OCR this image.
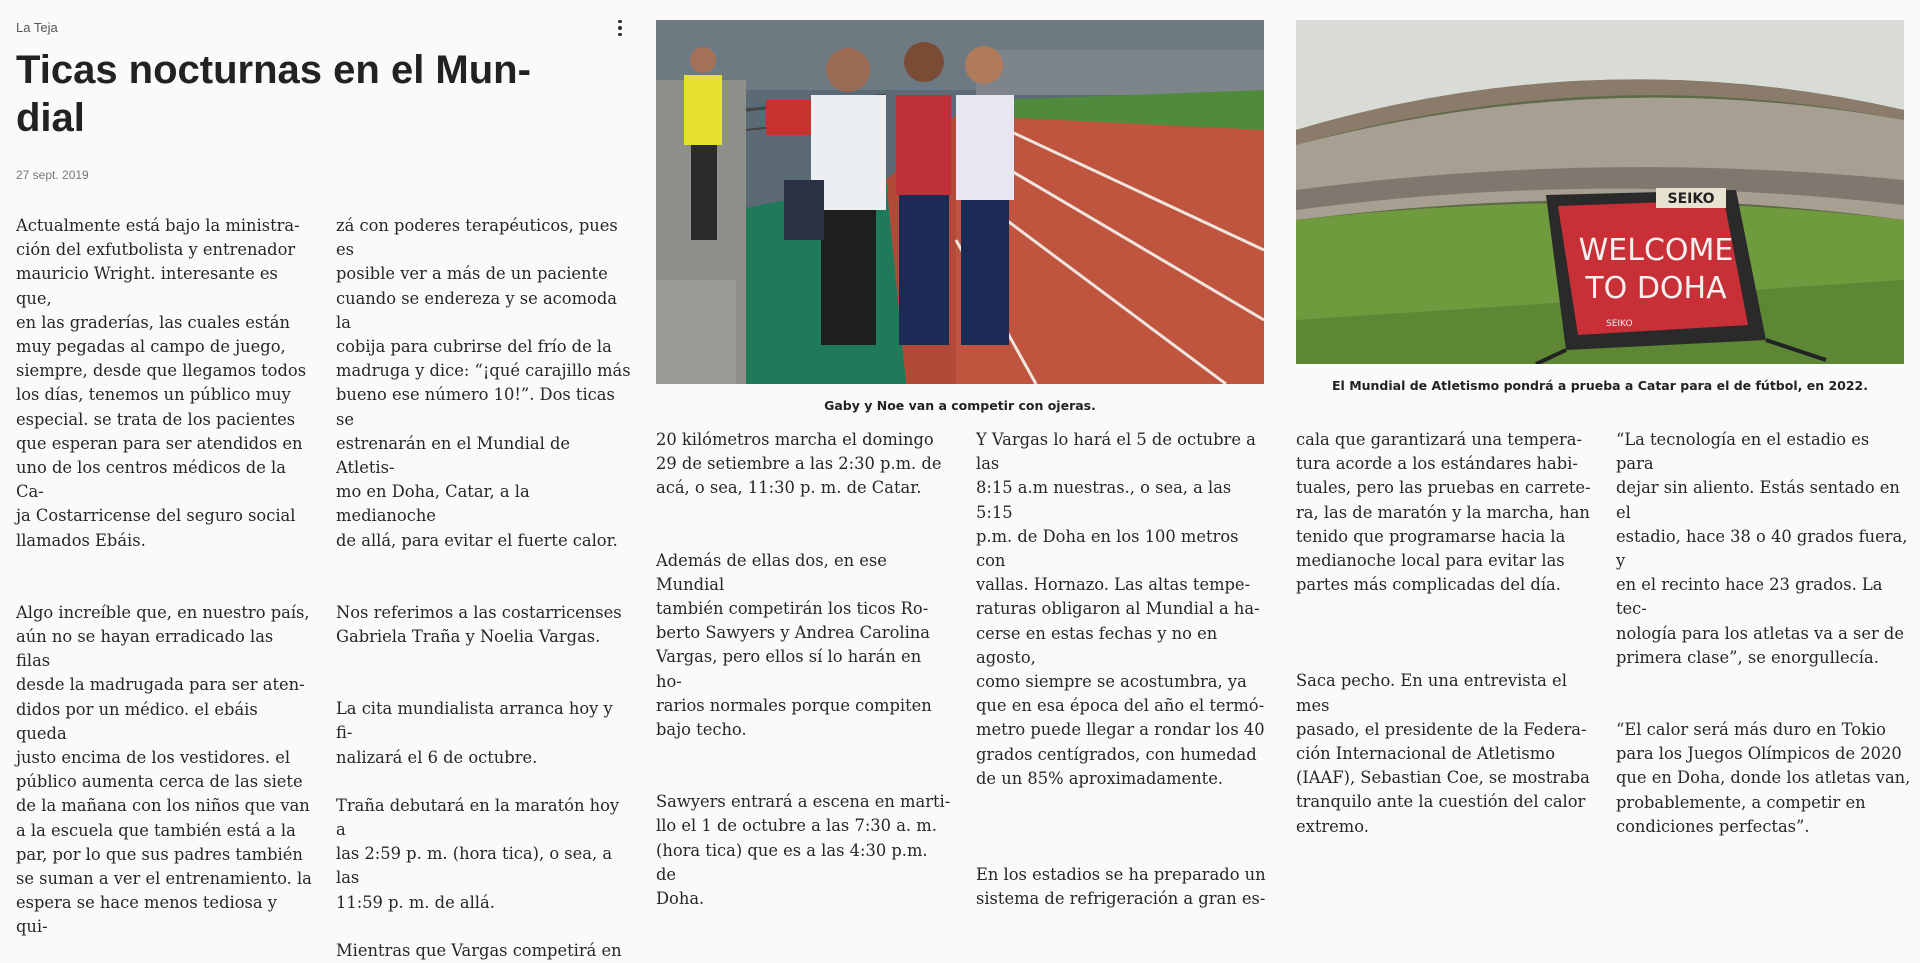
La Teja
Ticas nocturnas en el Mun-
dial
27 sept. 2019

Actualmente está bajo la ministra-
ción del exfutbolista y entrenador
mauricio Wright. interesante es que,
en las graderías, las cuales están
muy pegadas al campo de juego,
siempre, desde que llegamos todos
los días, tenemos un público muy
especial. se trata de los pacientes
que esperan para ser atendidos en
uno de los centros médicos de la Ca-
ja Costarricense del seguro social
llamados Ebáis.

Algo increíble que, en nuestro país,
aún no se hayan erradicado las filas
desde la madrugada para ser aten-
didos por un médico. el ebáis queda
justo encima de los vestidores. el
público aumenta cerca de las siete
de la mañana con los niños que van
a la escuela que también está a la
par, por lo que sus padres también
se suman a ver el entrenamiento. la
espera se hace menos tediosa y qui-

zá con poderes terapéuticos, pues es
posible ver a más de un paciente
cuando se endereza y se acomoda la
cobija para cubrirse del frío de la
madruga y dice: “¡qué carajillo más
bueno ese número 10!”. Dos ticas se
estrenarán en el Mundial de Atletis-
mo en Doha, Catar, a la medianoche
de allá, para evitar el fuerte calor.

Nos referimos a las costarricenses
Gabriela Traña y Noelia Vargas.

La cita mundialista arranca hoy y fi-
nalizará el 6 de octubre.

Traña debutará en la maratón hoy a
las 2:59 p. m. (hora tica), o sea, a las
11:59 p. m. de allá.

Mientras que Vargas competirá en

Gaby y Noe van a competir con ojeras.

20 kilómetros marcha el domingo
29 de setiembre a las 2:30 p.m. de
acá, o sea, 11:30 p. m. de Catar.

Además de ellas dos, en ese Mundial
también competirán los ticos Ro-
berto Sawyers y Andrea Carolina
Vargas, pero ellos sí lo harán en ho-
rarios normales porque compiten
bajo techo.

Sawyers entrará a escena en marti-
llo el 1 de octubre a las 7:30 a. m.
(hora tica) que es a las 4:30 p.m. de
Doha.

Y Vargas lo hará el 5 de octubre a las
8:15 a.m nuestras., o sea, a las 5:15
p.m. de Doha en los 100 metros con
vallas. Hornazo. Las altas tempe-
raturas obligaron al Mundial a ha-
cerse en estas fechas y no en agosto,
como siempre se acostumbra, ya
que en esa época del año el termó-
metro puede llegar a rondar los 40
grados centígrados, con humedad
de un 85% aproximadamente.

En los estadios se ha preparado un
sistema de refrigeración a gran es-

SEIKO
WELCOME
TO DOHA
SEIKO
El Mundial de Atletismo pondrá a prueba a Catar para el de fútbol, en 2022.

cala que garantizará una tempera-
tura acorde a los estándares habi-
tuales, pero las pruebas en carrete-
ra, las de maratón y la marcha, han
tenido que programarse hacia la
medianoche local para evitar las
partes más complicadas del día.

Saca pecho. En una entrevista el mes
pasado, el presidente de la Federa-
ción Internacional de Atletismo
(IAAF), Sebastian Coe, se mostraba
tranquilo ante la cuestión del calor
extremo.

“La tecnología en el estadio es para
dejar sin aliento. Estás sentado en el
estadio, hace 38 o 40 grados fuera, y
en el recinto hace 23 grados. La tec-
nología para los atletas va a ser de
primera clase”, se enorgullecía.

“El calor será más duro en Tokio
para los Juegos Olímpicos de 2020
que en Doha, donde los atletas van,
probablemente, a competir en
condiciones perfectas”.
